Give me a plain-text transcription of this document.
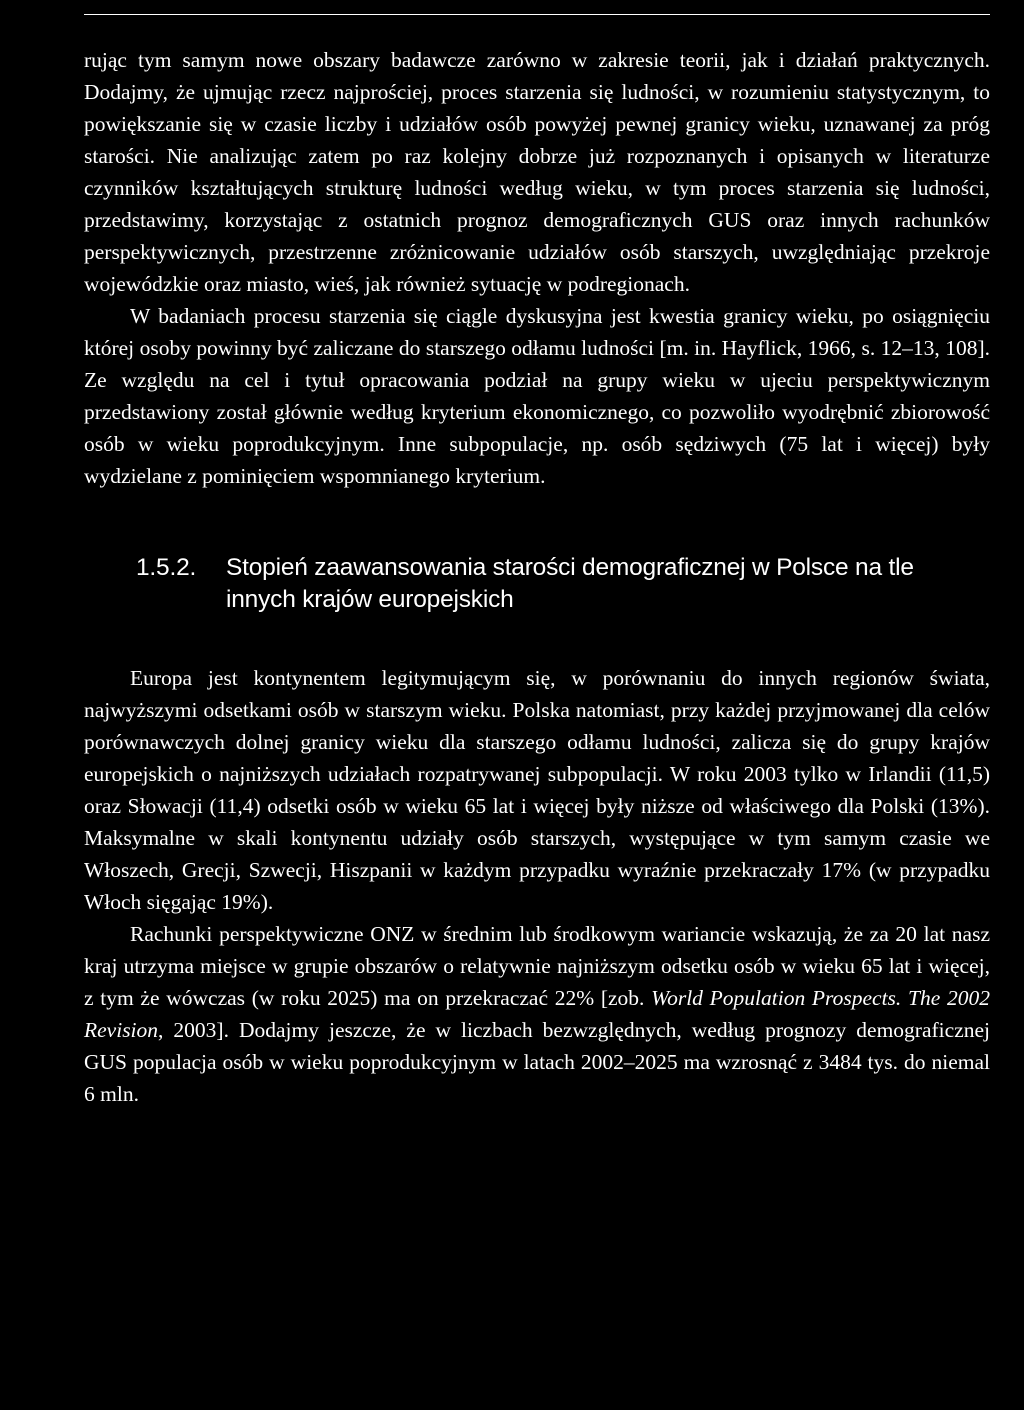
rując tym samym nowe obszary badawcze zarówno w zakresie teorii, jak i działań praktycznych. Dodajmy, że ujmując rzecz najprościej, proces starzenia się ludności, w rozumieniu statystycznym, to powiększanie się w czasie liczby i udziałów osób powyżej pewnej granicy wieku, uznawanej za próg starości. Nie analizując zatem po raz kolejny dobrze już rozpoznanych i opisanych w literaturze czynników kształtujących strukturę ludności według wieku, w tym proces starzenia się ludności, przedstawimy, korzystając z ostatnich prognoz demograficznych GUS oraz innych rachunków perspektywicznych, przestrzenne zróżnicowanie udziałów osób starszych, uwzględniając przekroje wojewódzkie oraz miasto, wieś, jak również sytuację w podregionach.

W badaniach procesu starzenia się ciągle dyskusyjna jest kwestia granicy wieku, po osiągnięciu której osoby powinny być zaliczane do starszego odłamu ludności [m. in. Hayflick, 1966, s. 12–13, 108]. Ze względu na cel i tytuł opracowania podział na grupy wieku w ujeciu perspektywicznym przedstawiony został głównie według kryterium ekonomicznego, co pozwoliło wyodrębnić zbiorowość osób w wieku poprodukcyjnym. Inne subpopulacje, np. osób sędziwych (75 lat i więcej) były wydzielane z pominięciem wspomnianego kryterium.

1.5.2.	Stopień zaawansowania starości demograficznej w Polsce na tle innych krajów europejskich

Europa jest kontynentem legitymującym się, w porównaniu do innych regionów świata, najwyższymi odsetkami osób w starszym wieku. Polska natomiast, przy każdej przyjmowanej dla celów porównawczych dolnej granicy wieku dla starszego odłamu ludności, zalicza się do grupy krajów europejskich o najniższych udziałach rozpatrywanej subpopulacji. W roku 2003 tylko w Irlandii (11,5) oraz Słowacji (11,4) odsetki osób w wieku 65 lat i więcej były niższe od właściwego dla Polski (13%). Maksymalne w skali kontynentu udziały osób starszych, występujące w tym samym czasie we Włoszech, Grecji, Szwecji, Hiszpanii w każdym przypadku wyraźnie przekraczały 17% (w przypadku Włoch sięgając 19%).

Rachunki perspektywiczne ONZ w średnim lub środkowym wariancie wskazują, że za 20 lat nasz kraj utrzyma miejsce w grupie obszarów o relatywnie najniższym odsetku osób w wieku 65 lat i więcej, z tym że wówczas (w roku 2025) ma on przekraczać 22% [zob. World Population Prospects. The 2002 Revision, 2003]. Dodajmy jeszcze, że w liczbach bezwzględnych, według prognozy demograficznej GUS populacja osób w wieku poprodukcyjnym w latach 2002–2025 ma wzrosnąć z 3484 tys. do niemal 6 mln.
